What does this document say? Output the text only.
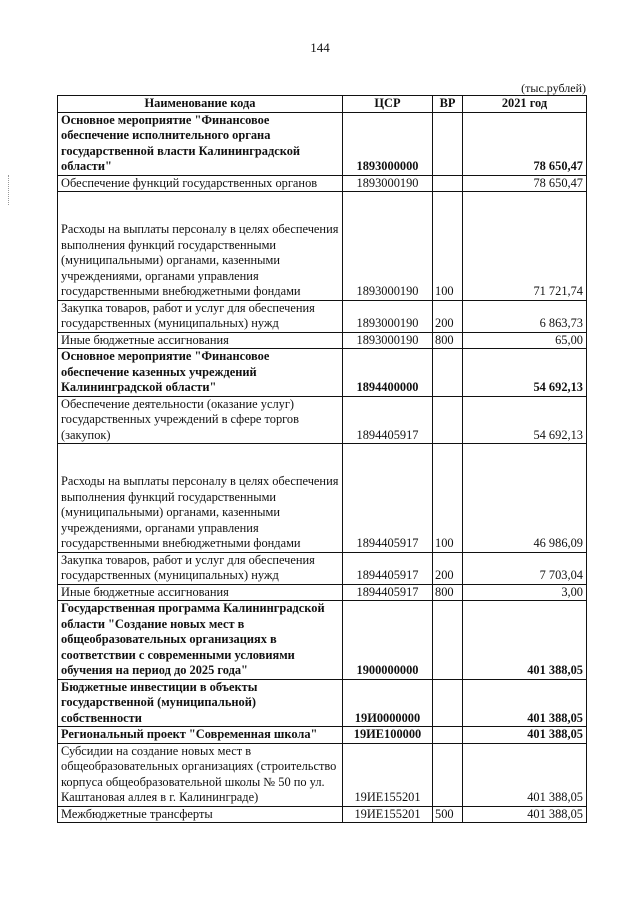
144
(тыс.рублей)
Наименование кода	ЦСР	ВР	2021 год
Основное мероприятие "Финансовое обеспечение исполнительного органа государственной власти Калининградской области"	1893000000		78 650,47
Обеспечение функций государственных органов	1893000190		78 650,47
Расходы на выплаты персоналу в целях обеспечения выполнения функций государственными (муниципальными) органами, казенными учреждениями, органами управления государственными внебюджетными фондами	1893000190	100	71 721,74
Закупка товаров, работ и услуг для обеспечения государственных (муниципальных) нужд	1893000190	200	6 863,73
Иные бюджетные ассигнования	1893000190	800	65,00
Основное мероприятие "Финансовое обеспечение казенных учреждений Калининградской области"	1894400000		54 692,13
Обеспечение деятельности (оказание услуг) государственных учреждений в сфере торгов (закупок)	1894405917		54 692,13
Расходы на выплаты персоналу в целях обеспечения выполнения функций государственными (муниципальными) органами, казенными учреждениями, органами управления государственными внебюджетными фондами	1894405917	100	46 986,09
Закупка товаров, работ и услуг для обеспечения государственных (муниципальных) нужд	1894405917	200	7 703,04
Иные бюджетные ассигнования	1894405917	800	3,00
Государственная программа Калининградской области "Создание новых мест в общеобразовательных организациях в соответствии с современными условиями обучения на период до 2025 года"	1900000000		401 388,05
Бюджетные инвестиции в объекты государственной (муниципальной) собственности	19И0000000		401 388,05
Региональный проект "Современная школа"	19ИЕ100000		401 388,05
Субсидии на создание новых мест в общеобразовательных организациях (строительство корпуса общеобразовательной школы № 50 по ул. Каштановая аллея в г. Калининграде)	19ИЕ155201		401 388,05
Межбюджетные трансферты	19ИЕ155201	500	401 388,05
